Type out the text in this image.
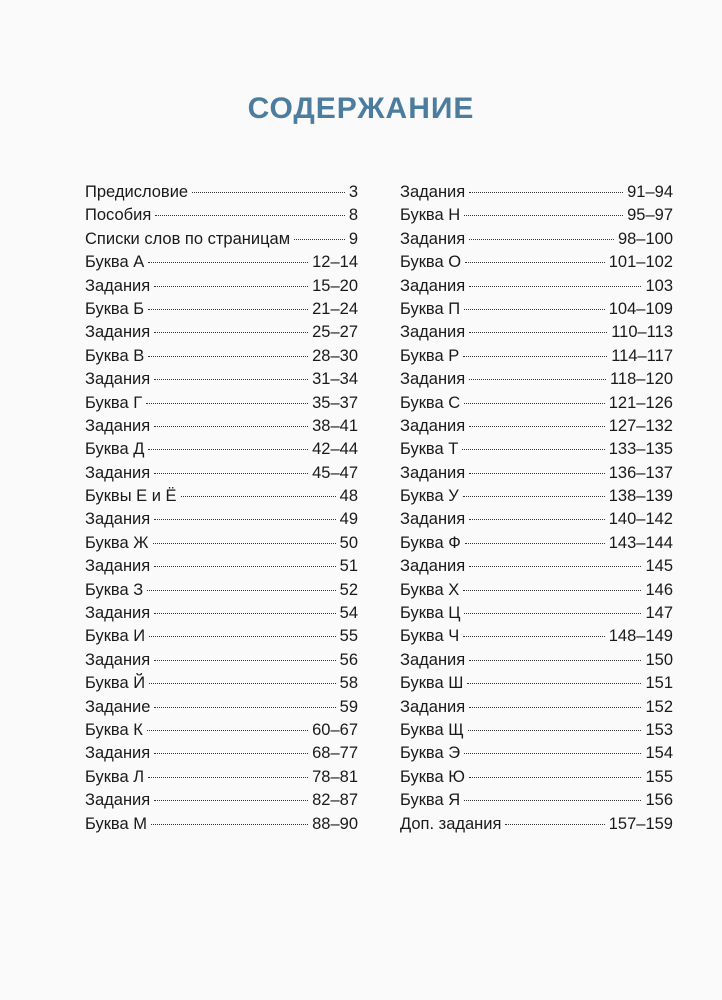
СОДЕРЖАНИЕ
Предисловие	3
Пособия	8
Списки слов по страницам	9
Буква А	12–14
Задания	15–20
Буква Б	21–24
Задания	25–27
Буква В	28–30
Задания	31–34
Буква Г	35–37
Задания	38–41
Буква Д	42–44
Задания	45–47
Буквы Е и Ё	48
Задания	49
Буква Ж	50
Задания	51
Буква З	52
Задания	54
Буква И	55
Задания	56
Буква Й	58
Задание	59
Буква К	60–67
Задания	68–77
Буква Л	78–81
Задания	82–87
Буква М	88–90
Задания	91–94
Буква Н	95–97
Задания	98–100
Буква О	101–102
Задания	103
Буква П	104–109
Задания	110–113
Буква Р	114–117
Задания	118–120
Буква С	121–126
Задания	127–132
Буква Т	133–135
Задания	136–137
Буква У	138–139
Задания	140–142
Буква Ф	143–144
Задания	145
Буква Х	146
Буква Ц	147
Буква Ч	148–149
Задания	150
Буква Ш	151
Задания	152
Буква Щ	153
Буква Э	154
Буква Ю	155
Буква Я	156
Доп. задания	157–159
